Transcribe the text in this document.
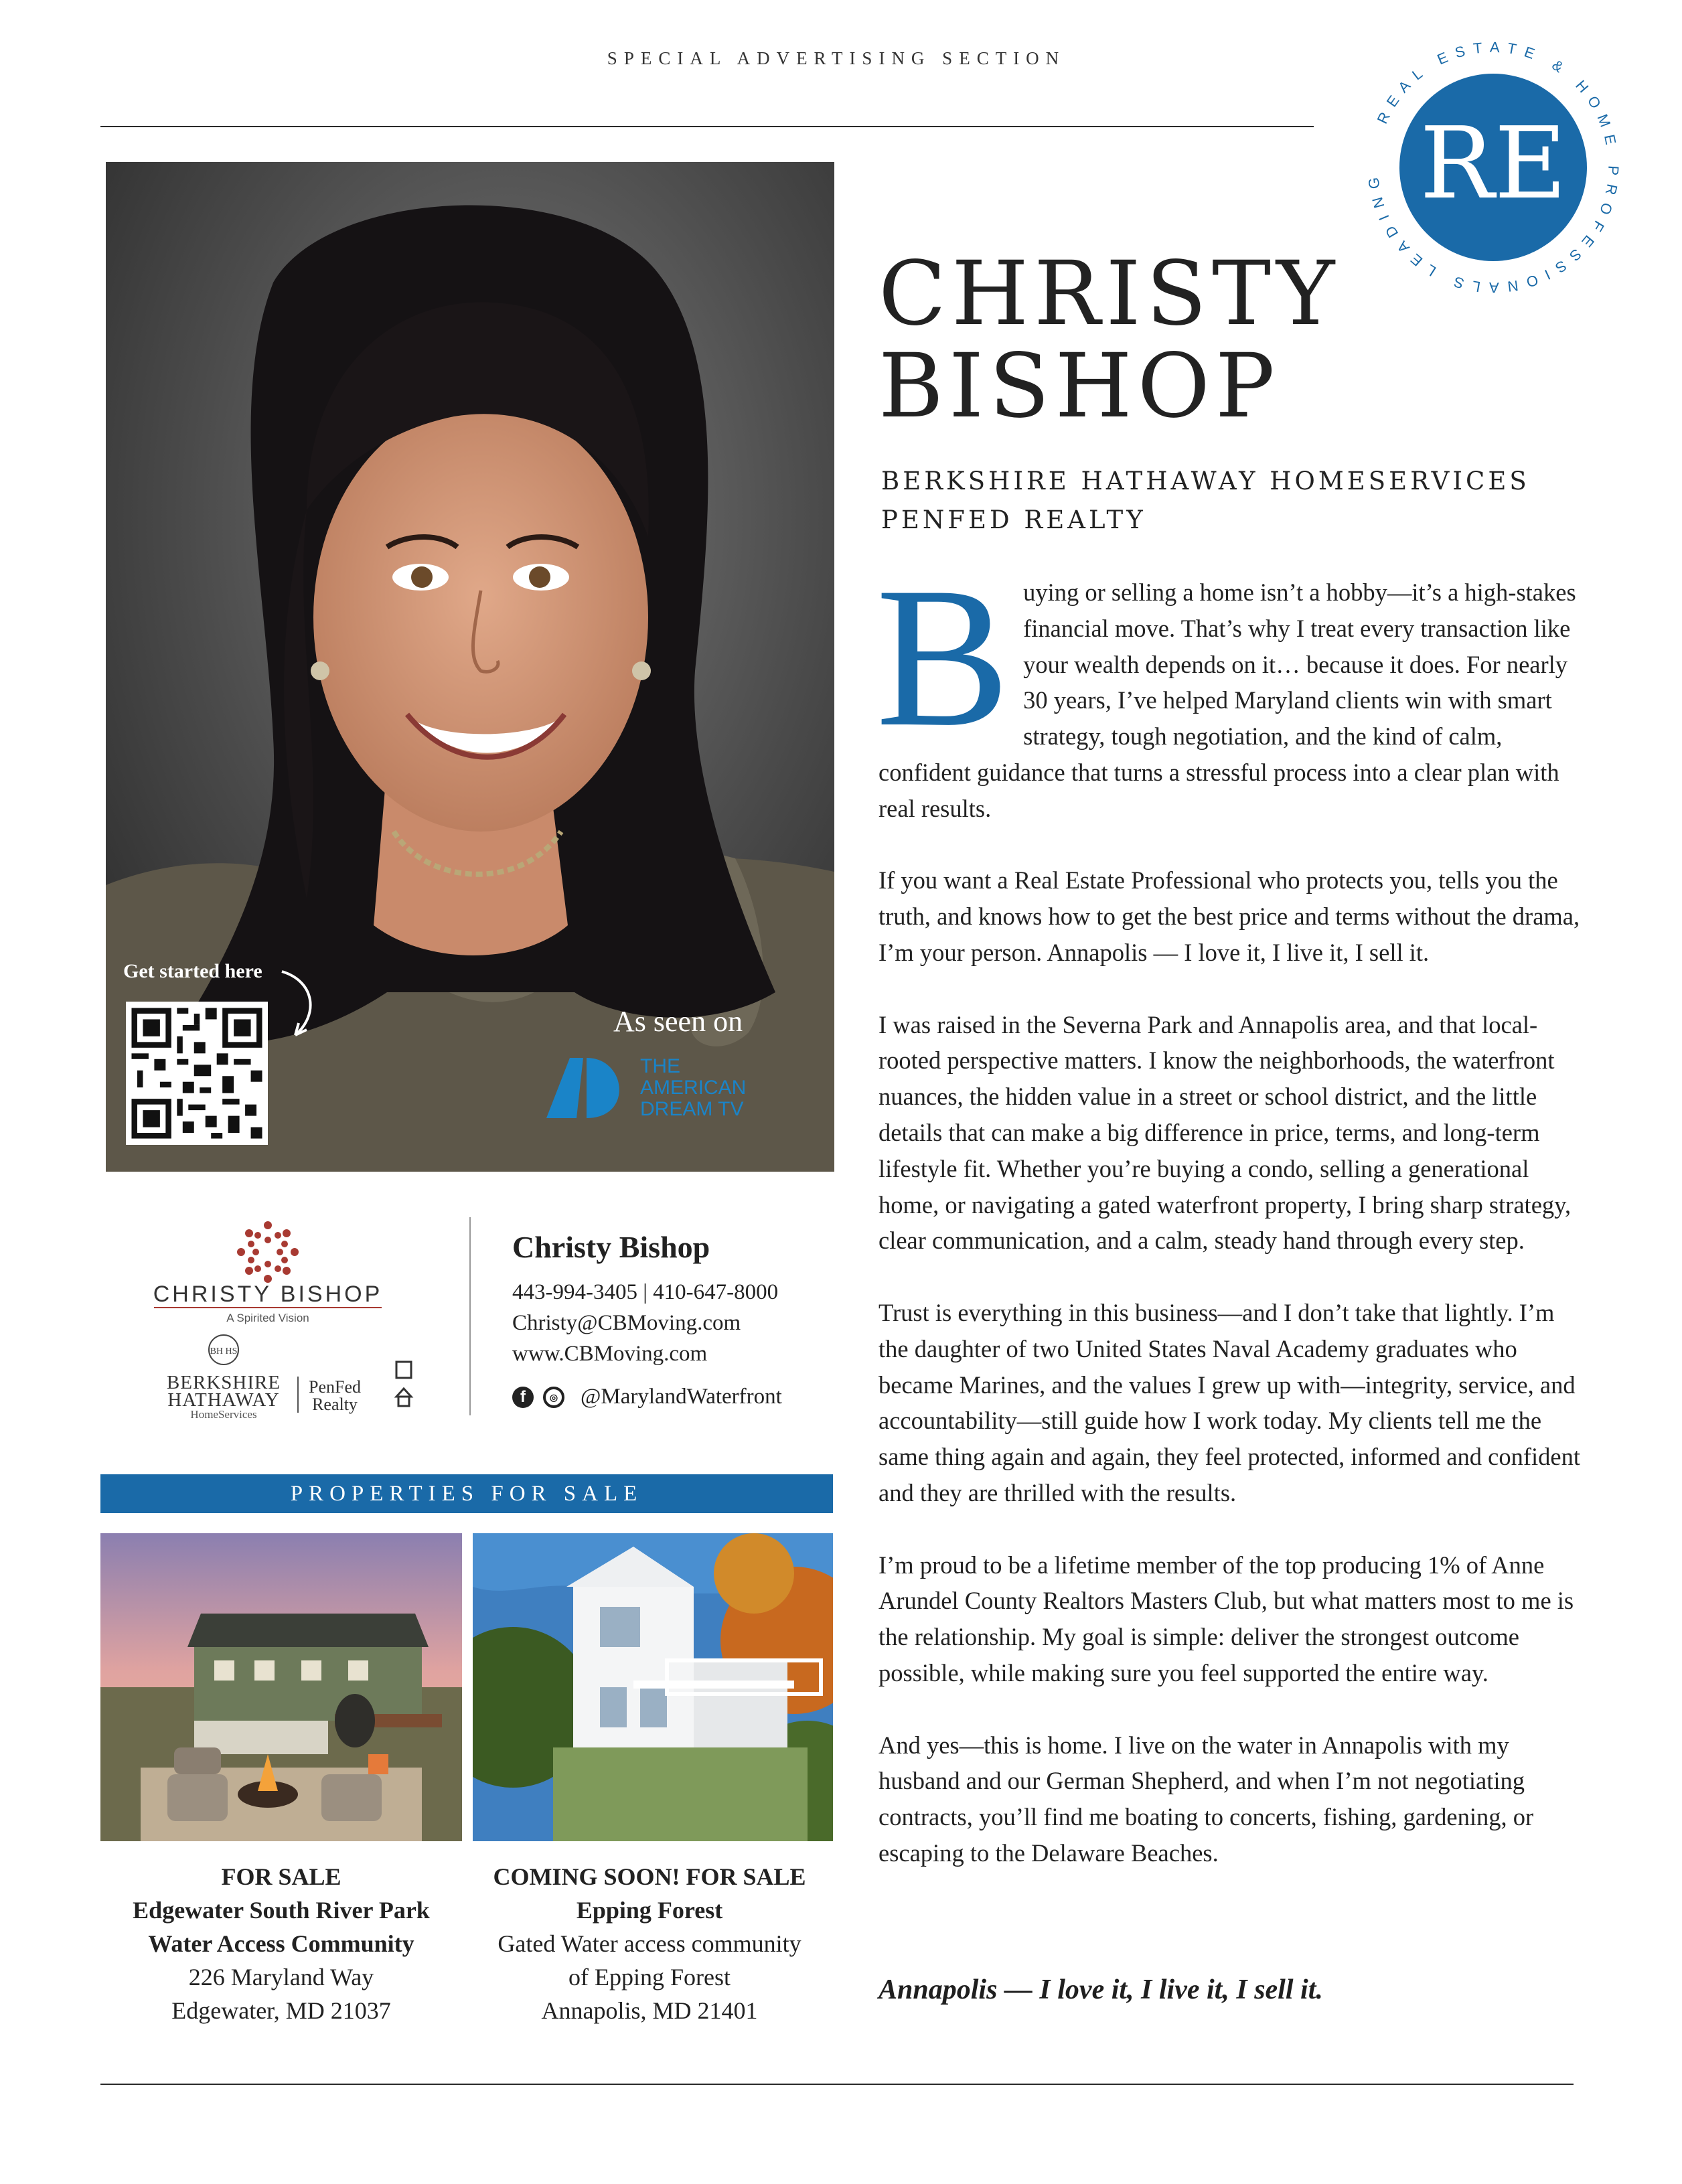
SPECIAL ADVERTISING SECTION
RE
REAL ESTATE & HOME PROFESSIONALS LEADING
Get started here
As seen on
THE
AMERICAN
DREAM TV
CHRISTY
BISHOP
BERKSHIRE HATHAWAY HOMESERVICES
PENFED REALTY

Buying or selling a home isn’t a hobby—it’s a high-stakes financial move. That’s why I treat every transaction like your wealth depends on it… because it does. For nearly 30 years, I’ve helped Maryland clients win with smart strategy, tough negotiation, and the kind of calm, confident guidance that turns a stressful process into a clear plan with real results.

If you want a Real Estate Professional who protects you, tells you the truth, and knows how to get the best price and terms without the drama, I’m your person. Annapolis — I love it, I live it, I sell it.

I was raised in the Severna Park and Annapolis area, and that local-rooted perspective matters. I know the neighborhoods, the waterfront nuances, the hidden value in a street or school district, and the little details that can make a big difference in price, terms, and long-term lifestyle fit. Whether you’re buying a condo, selling a generational home, or navigating a gated waterfront property, I bring sharp strategy, clear communication, and a calm, steady hand through every step.

Trust is everything in this business—and I don’t take that lightly. I’m the daughter of two United States Naval Academy graduates who became Marines, and the values I grew up with—integrity, service, and accountability—still guide how I work today. My clients tell me the same thing again and again, they feel protected, informed and confident and they are thrilled with the results.

I’m proud to be a lifetime member of the top producing 1% of Anne Arundel County Realtors Masters Club, but what matters most to me is the relationship. My goal is simple: deliver the strongest outcome possible, while making sure you feel supported the entire way.

And yes—this is home. I live on the water in Annapolis with my husband and our German Shepherd, and when I’m not negotiating contracts, you’ll find me boating to concerts, fishing, gardening, or escaping to the Delaware Beaches.

Annapolis — I love it, I live it, I sell it.
CHRISTY BISHOP
A Spirited Vision
BH HS
BERKSHIRE
HATHAWAY
HomeServices
PenFed
Realty
Christy Bishop
443-994-3405 | 410-647-8000
Christy@CBMoving.com
www.CBMoving.com
f	◎ @MarylandWaterfront
PROPERTIES FOR SALE
FOR SALE
Edgewater South River Park
Water Access Community
226 Maryland Way
Edgewater, MD 21037
COMING SOON! FOR SALE
Epping Forest
Gated Water access community
of Epping Forest
Annapolis, MD 21401
